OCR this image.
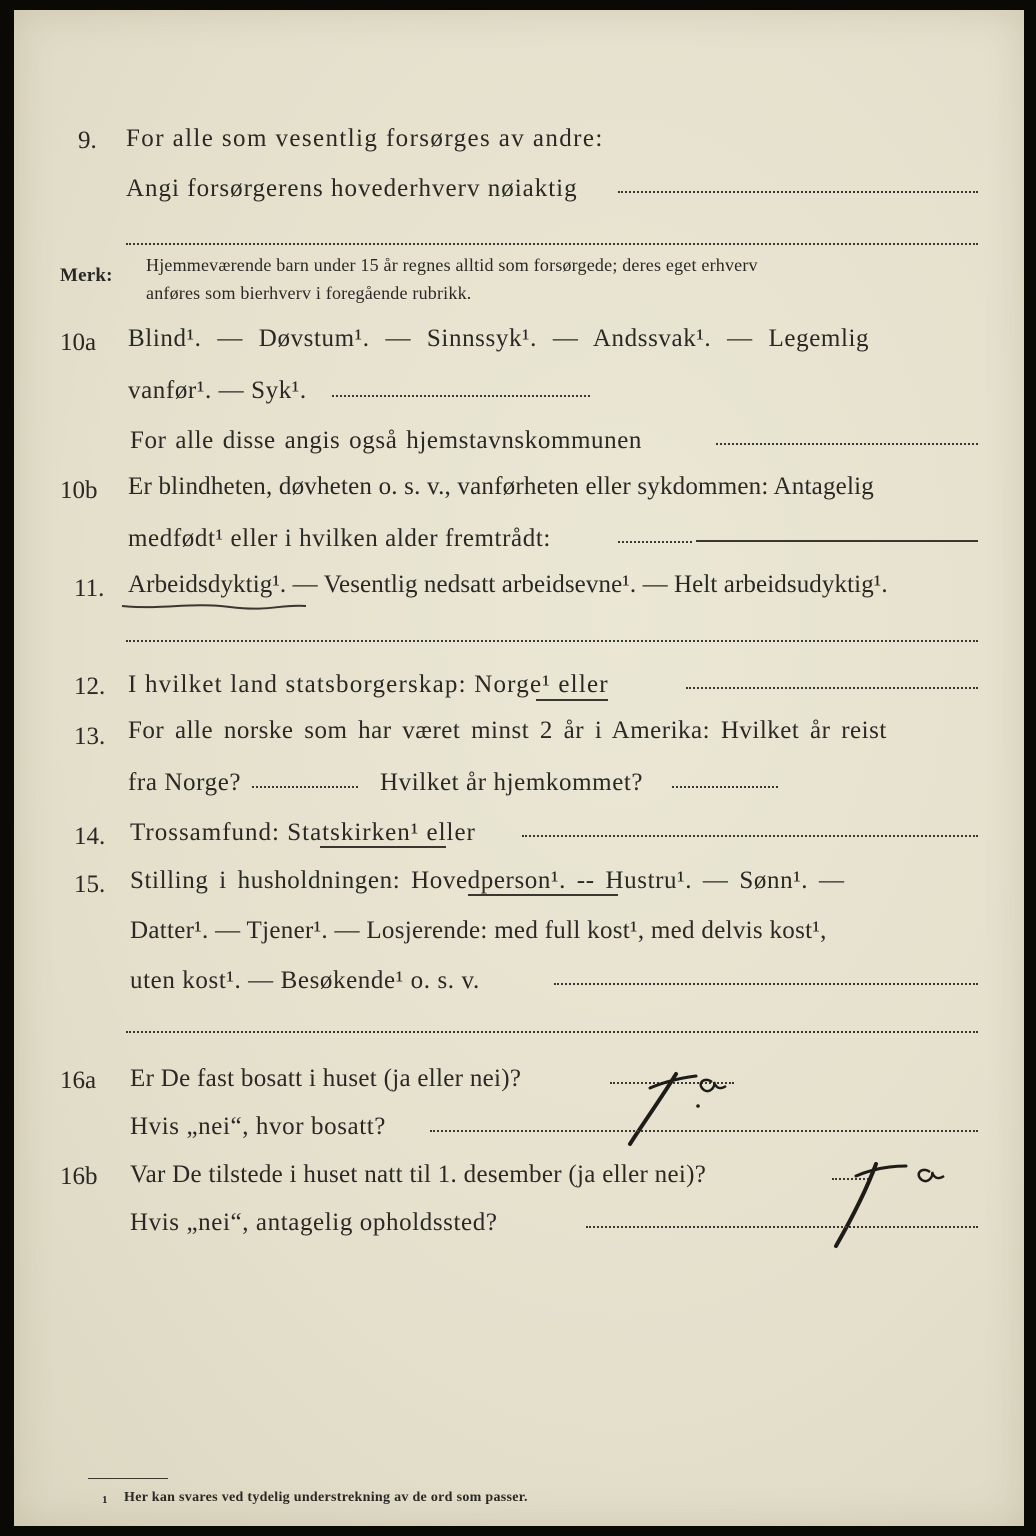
9. For alle som vesentlig forsørges av andre:
Angi forsørgerens hovederhverv nøiaktig
Merk: Hjemmeværende barn under 15 år regnes alltid som forsørgede; deres eget erhverv
anføres som bierhverv i foregående rubrikk.
10a Blind¹. — Døvstum¹. — Sinnssyk¹. — Andssvak¹. — Legemlig
vanfør¹. — Syk¹.
For alle disse angis også hjemstavnskommunen
10b Er blindheten, døvheten o. s. v., vanførheten eller sykdommen: Antagelig
medfødt¹ eller i hvilken alder fremtrådt:
11. Arbeidsdyktig¹. — Vesentlig nedsatt arbeidsevne¹. — Helt arbeidsudyktig¹.
12. I hvilket land statsborgerskap: Norge¹ eller
13. For alle norske som har været minst 2 år i Amerika: Hvilket år reist
fra Norge?	Hvilket år hjemkommet?
14. Trossamfund: Statskirken¹ eller
15. Stilling i husholdningen: Hovedperson¹. -- Hustru¹. — Sønn¹. —
Datter¹. — Tjener¹. — Losjerende: med full kost¹, med delvis kost¹,
uten kost¹. — Besøkende¹ o. s. v.
16a Er De fast bosatt i huset (ja eller nei)?
Ja
Hvis „nei“, hvor bosatt?
16b Var De tilstede i huset natt til 1. desember (ja eller nei)?
Ja
Hvis „nei“, antagelig opholdssted?
1 Her kan svares ved tydelig understrekning av de ord som passer.
